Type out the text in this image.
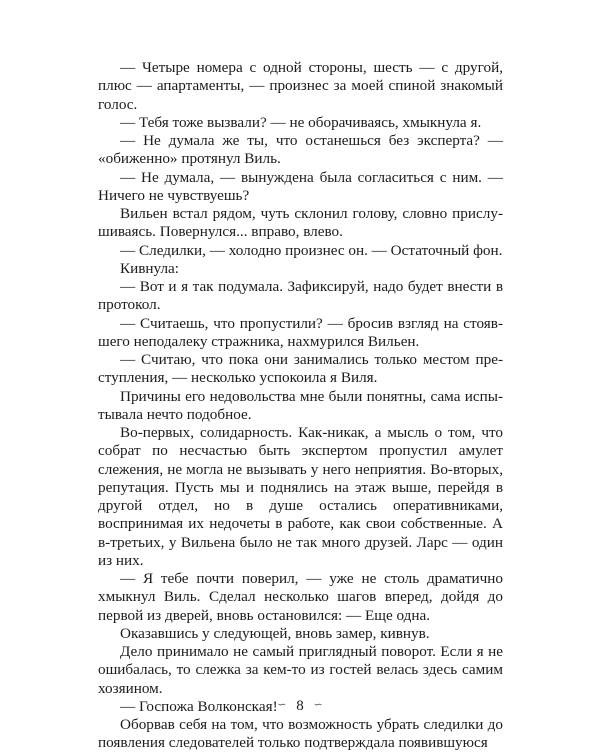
— Четыре номера с одной стороны, шесть — с другой, плюс — апартаменты, — произнес за моей спиной знакомый голос.

— Тебя тоже вызвали? — не оборачиваясь, хмыкнула я.

— Не думала же ты, что останешься без эксперта? — «обиженно» протянул Виль.

— Не думала, — вынуждена была согласиться с ним. — Ничего не чувствуешь?

Вильен встал рядом, чуть склонил голову, словно прислушиваясь. Повернулся... вправо, влево.

— Следилки, — холодно произнес он. — Остаточный фон.

Кивнула:

— Вот и я так подумала. Зафиксируй, надо будет внести в протокол.

— Считаешь, что пропустили? — бросив взгляд на стоявшего неподалеку стражника, нахмурился Вильен.

— Считаю, что пока они занимались только местом преступления, — несколько успокоила я Виля.

Причины его недовольства мне были понятны, сама испытывала нечто подобное.

Во-первых, солидарность. Как-никак, а мысль о том, что собрат по несчастью быть экспертом пропустил амулет слежения, не могла не вызывать у него неприятия. Во-вторых, репутация. Пусть мы и поднялись на этаж выше, перейдя в другой отдел, но в душе остались оперативниками, воспринимая их недочеты в работе, как свои собственные. А в-третьих, у Вильена было не так много друзей. Ларс — один из них.

— Я тебе почти поверил, — уже не столь драматично хмыкнул Виль. Сделал несколько шагов вперед, дойдя до первой из дверей, вновь остановился: — Еще одна.

Оказавшись у следующей, вновь замер, кивнув.

Дело принимало не самый приглядный поворот. Если я не ошибалась, то слежка за кем-то из гостей велась здесь самим хозяином.

— Госпожа Волконская!

Оборвав себя на том, что возможность убрать следилки до появления следователей только подтверждала появившуюся

∽ 8 ∽
